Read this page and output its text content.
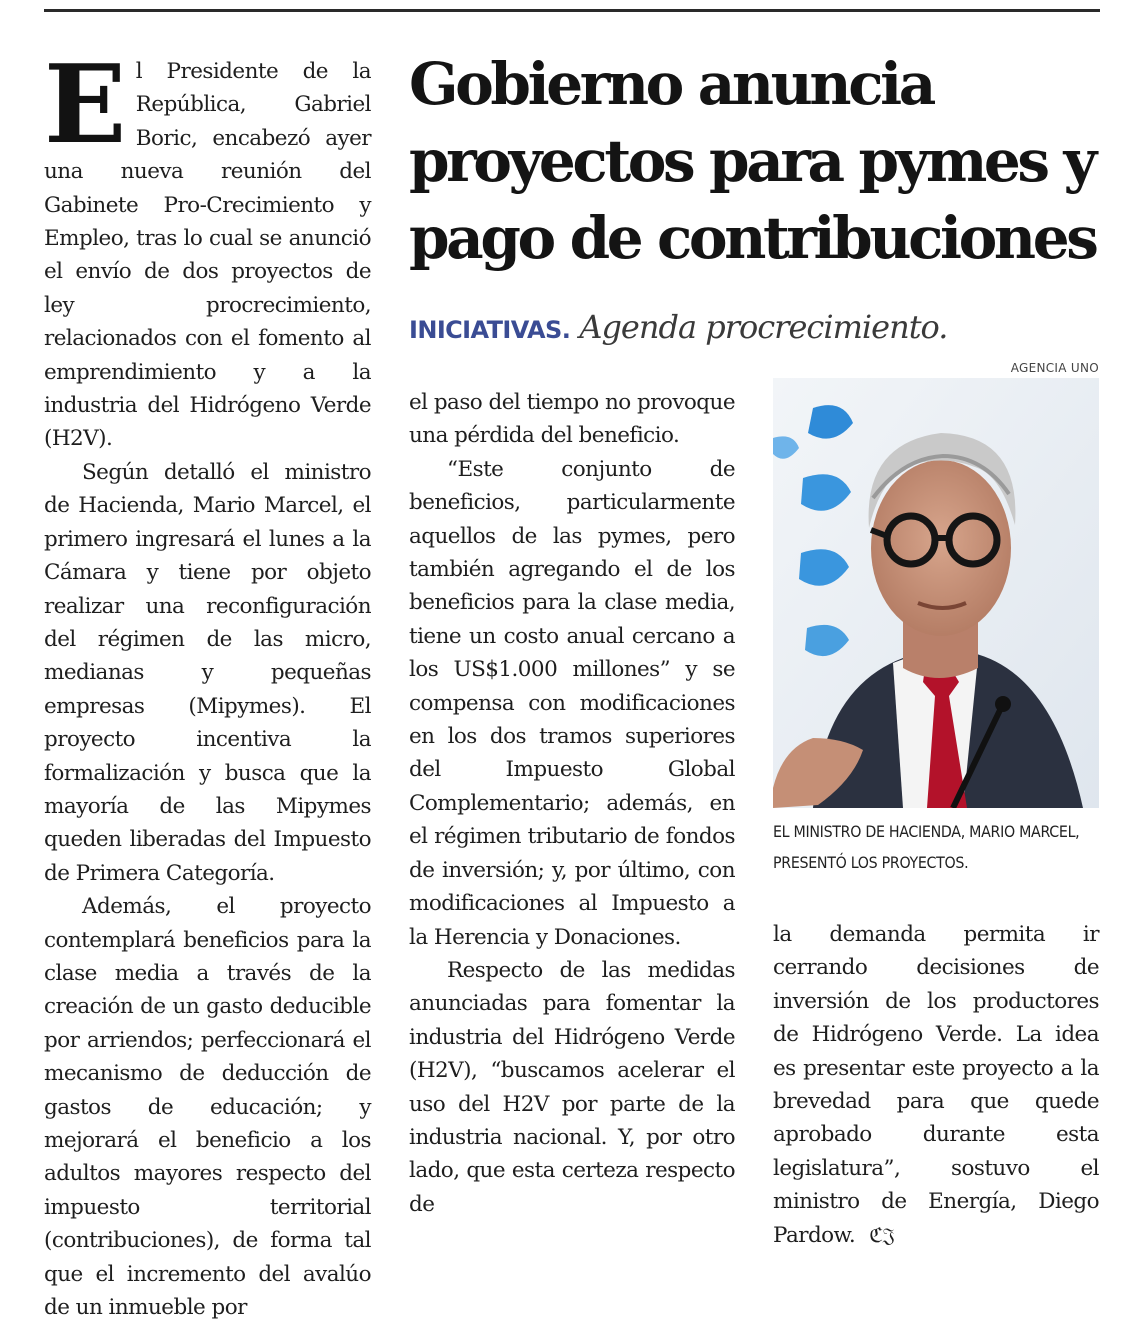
El Presidente de la República, Gabriel Boric, encabezó ayer una nueva reunión del Gabinete Pro-Crecimiento y Empleo, tras lo cual se anunció el envío de dos proyectos de ley procrecimiento, relacionados con el fomento al emprendimiento y a la industria del Hidrógeno Verde (H2V).

Según detalló el ministro de Hacienda, Mario Marcel, el primero ingresará el lunes a la Cámara y tiene por objeto realizar una reconfiguración del régimen de las micro, medianas y pequeñas empresas (Mipymes). El proyecto incentiva la formalización y busca que la mayoría de las Mipymes queden liberadas del Impuesto de Primera Categoría.

Además, el proyecto contemplará beneficios para la clase media a través de la creación de un gasto deducible por arriendos; perfeccionará el mecanismo de deducción de gastos de educación; y mejorará el beneficio a los adultos mayores respecto del impuesto territorial (contribuciones), de forma tal que el incremento del avalúo de un inmueble por

Gobierno anuncia proyectos para pymes y pago de contribuciones
INICIATIVAS. Agenda procrecimiento.

el paso del tiempo no provoque una pérdida del beneficio.

“Este conjunto de beneficios, particularmente aquellos de las pymes, pero también agregando el de los beneficios para la clase media, tiene un costo anual cercano a los US$1.000 millones” y se compensa con modificaciones en los dos tramos superiores del Impuesto Global Complementario; además, en el régimen tributario de fondos de inversión; y, por último, con modificaciones al Impuesto a la Herencia y Donaciones.

Respecto de las medidas anunciadas para fomentar la industria del Hidrógeno Verde (H2V), “buscamos acelerar el uso del H2V por parte de la industria nacional. Y, por otro lado, que esta certeza respecto de

AGENCIA UNO

EL MINISTRO DE HACIENDA, MARIO MARCEL, PRESENTÓ LOS PROYECTOS.

la demanda permita ir cerrando decisiones de inversión de los productores de Hidrógeno Verde. La idea es presentar este proyecto a la brevedad para que quede aprobado durante esta legislatura”, sostuvo el ministro de Energía, Diego Pardow. ℭ𝔍
